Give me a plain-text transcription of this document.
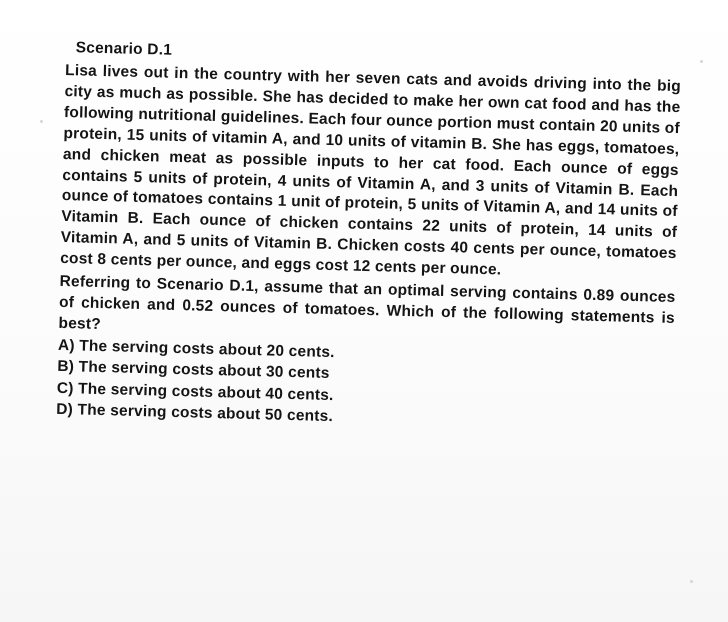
Scenario D.1

Lisa lives out in the country with her seven cats and avoids driving into the big city as much as possible. She has decided to make her own cat food and has the following nutritional guidelines. Each four ounce portion must contain 20 units of protein, 15 units of vitamin A, and 10 units of vitamin B. She has eggs, tomatoes, and chicken meat as possible inputs to her cat food. Each ounce of eggs contains 5 units of protein, 4 units of Vitamin A, and 3 units of Vitamin B. Each ounce of tomatoes contains 1 unit of protein, 5 units of Vitamin A, and 14 units of Vitamin B. Each ounce of chicken contains 22 units of protein, 14 units of Vitamin A, and 5 units of Vitamin B. Chicken costs 40 cents per ounce, tomatoes cost 8 cents per ounce, and eggs cost 12 cents per ounce.

Referring to Scenario D.1, assume that an optimal serving contains 0.89 ounces of chicken and 0.52 ounces of tomatoes. Which of the following statements is best?

A) The serving costs about 20 cents.
B) The serving costs about 30 cents
C) The serving costs about 40 cents.
D) The serving costs about 50 cents.
